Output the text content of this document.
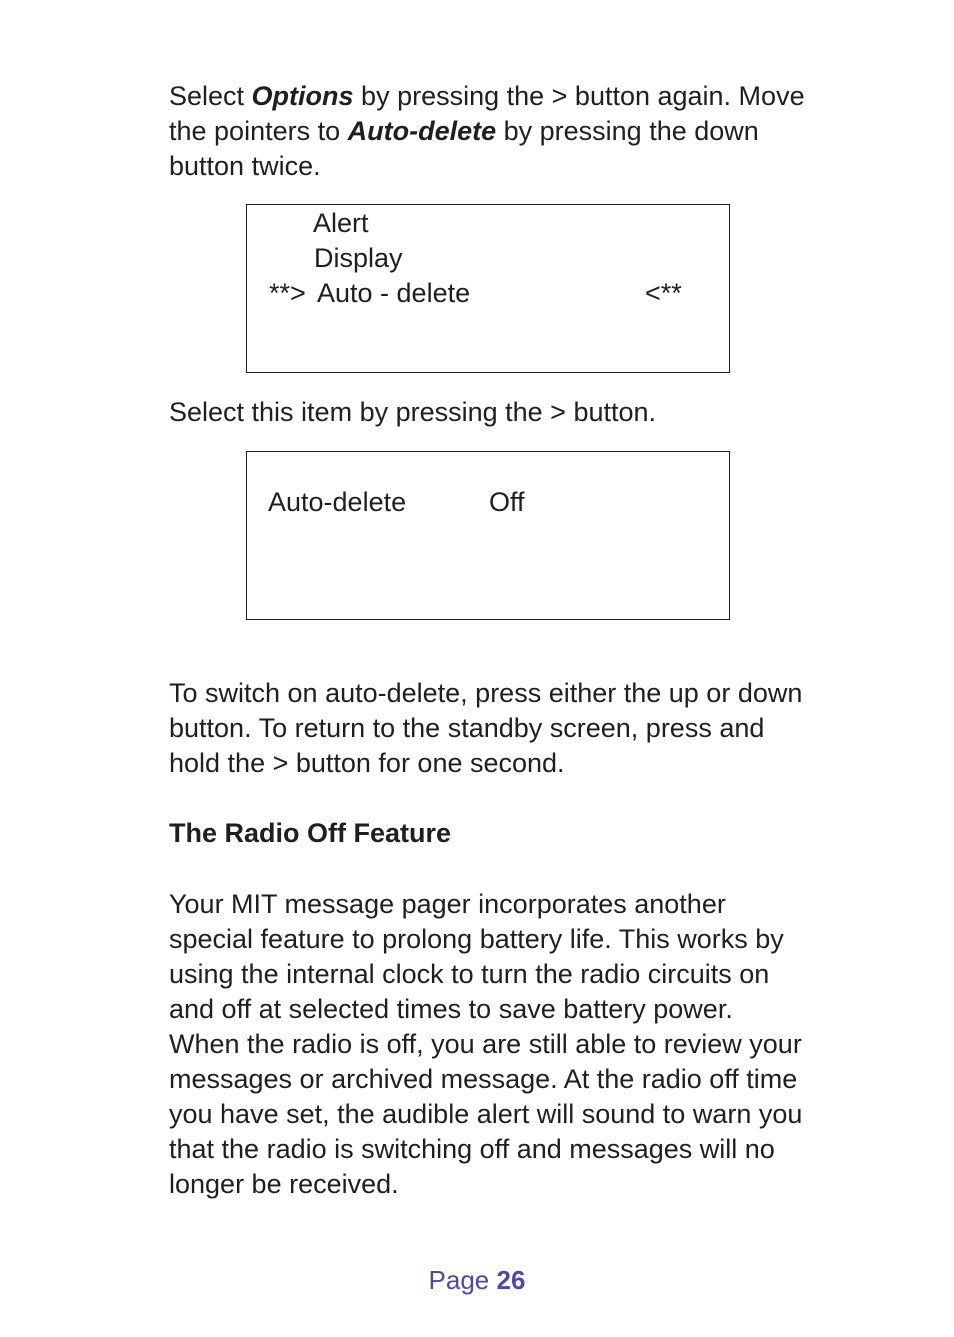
Select Options by pressing the > button again. Move the pointers to Auto-delete by pressing the down button twice.

Alert
Display
**> Auto - delete	<**

Select this item by pressing the > button.

Auto-delete	Off

To switch on auto-delete, press either the up or down button. To return to the standby screen, press and hold the > button for one second.

The Radio Off Feature

Your MIT message pager incorporates another special feature to prolong battery life. This works by using the internal clock to turn the radio circuits on and off at selected times to save battery power. When the radio is off, you are still able to review your messages or archived message. At the radio off time you have set, the audible alert will sound to warn you that the radio is switching off and messages will no longer be received.

Page 26
